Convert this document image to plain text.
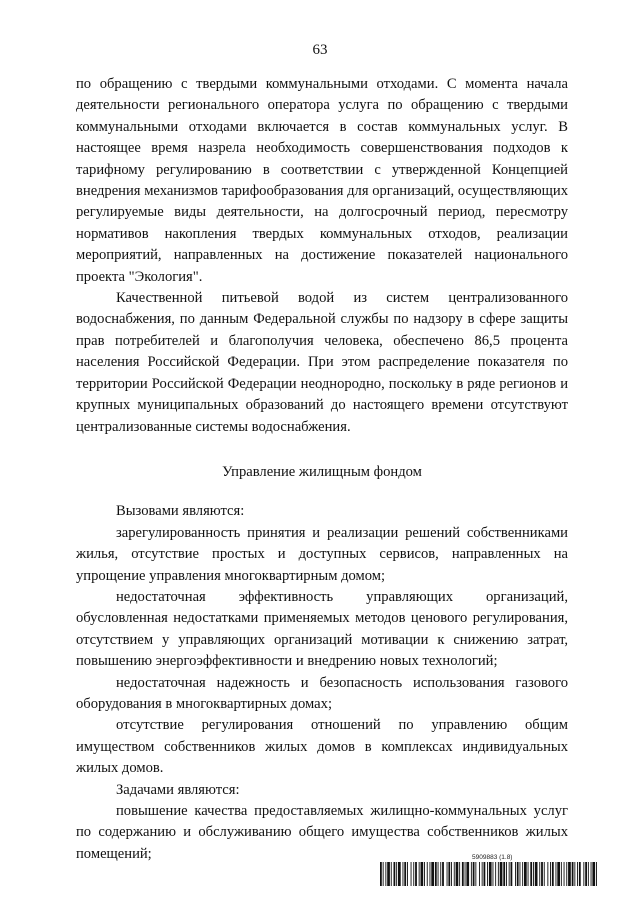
63

по обращению с твердыми коммунальными отходами. С момента начала деятельности регионального оператора услуга по обращению с твердыми коммунальными отходами включается в состав коммунальных услуг. В настоящее время назрела необходимость совершенствования подходов к тарифному регулированию в соответствии с утвержденной Концепцией внедрения механизмов тарифообразования для организаций, осуществляющих регулируемые виды деятельности, на долгосрочный период, пересмотру нормативов накопления твердых коммунальных отходов, реализации мероприятий, направленных на достижение показателей национального проекта "Экология".

Качественной питьевой водой из систем централизованного водоснабжения, по данным Федеральной службы по надзору в сфере защиты прав потребителей и благополучия человека, обеспечено 86,5 процента населения Российской Федерации. При этом распределение показателя по территории Российской Федерации неоднородно, поскольку в ряде регионов и крупных муниципальных образований до настоящего времени отсутствуют централизованные системы водоснабжения.

Управление жилищным фондом

Вызовами являются:

зарегулированность принятия и реализации решений собственниками жилья, отсутствие простых и доступных сервисов, направленных на упрощение управления многоквартирным домом;

недостаточная эффективность управляющих организаций, обусловленная недостатками применяемых методов ценового регулирования, отсутствием у управляющих организаций мотивации к снижению затрат, повышению энергоэффективности и внедрению новых технологий;

недостаточная надежность и безопасность использования газового оборудования в многоквартирных домах;

отсутствие регулирования отношений по управлению общим имуществом собственников жилых домов в комплексах индивидуальных жилых домов.

Задачами являются:

повышение качества предоставляемых жилищно-коммунальных услуг по содержанию и обслуживанию общего имущества собственников жилых помещений;	5909883 (1.8)
